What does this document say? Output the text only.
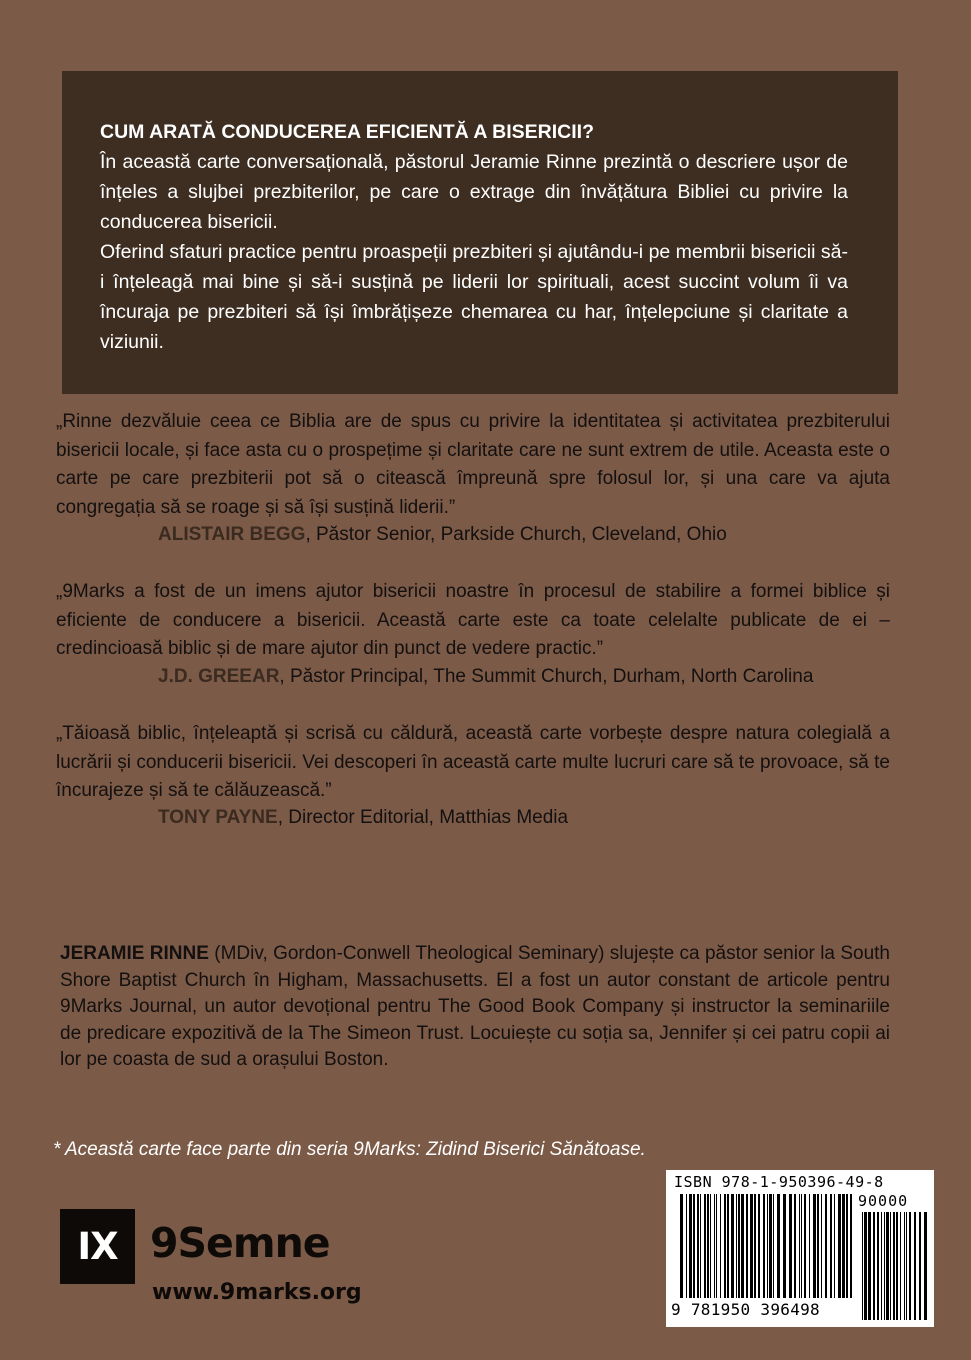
CUM ARATĂ CONDUCEREA EFICIENTĂ A BISERICII?

În această carte conversațională, păstorul Jeramie Rinne prezintă o descriere ușor de înțeles a slujbei prezbiterilor, pe care o extrage din învățătura Bibliei cu privire la conducerea bisericii.

Oferind sfaturi practice pentru proaspeții prezbiteri și ajutându-i pe membrii bisericii să-i înțeleagă mai bine și să-i susțină pe liderii lor spirituali, acest succint volum îi va încuraja pe prezbiteri să își îmbrățișeze chemarea cu har, înțelepciune și claritate a viziunii.

„Rinne dezvăluie ceea ce Biblia are de spus cu privire la identitatea și activitatea prezbiterului bisericii locale, și face asta cu o prospețime și claritate care ne sunt extrem de utile. Aceasta este o carte pe care prezbiterii pot să o citească împreună spre folosul lor, și una care va ajuta congregația să se roage și să își susțină liderii.”

ALISTAIR BEGG, Păstor Senior, Parkside Church, Cleveland, Ohio

„9Marks a fost de un imens ajutor bisericii noastre în procesul de stabilire a formei biblice și eficiente de conducere a bisericii. Această carte este ca toate celelalte publicate de ei – credincioasă biblic și de mare ajutor din punct de vedere practic.”

J.D. GREEAR, Păstor Principal, The Summit Church, Durham, North Carolina

„Tăioasă biblic, înțeleaptă și scrisă cu căldură, această carte vorbește despre natura colegială a lucrării și conducerii bisericii. Vei descoperi în această carte multe lucruri care să te provoace, să te încurajeze și să te călăuzească.”

TONY PAYNE, Director Editorial, Matthias Media

JERAMIE RINNE (MDiv, Gordon-Conwell Theological Seminary) slujește ca păstor senior la South Shore Baptist Church în Higham, Massachusetts. El a fost un autor constant de articole pentru 9Marks Journal, un autor devoțional pentru The Good Book Company și instructor la seminariile de predicare expozitivă de la The Simeon Trust. Locuiește cu soția sa, Jennifer și cei patru copii ai lor pe coasta de sud a orașului Boston.

* Această carte face parte din seria 9Marks: Zidind Biserici Sănătoase.
IX 9Semne
www.9marks.org
ISBN 978-1-950396-49-8
90000
9 781950 396498
